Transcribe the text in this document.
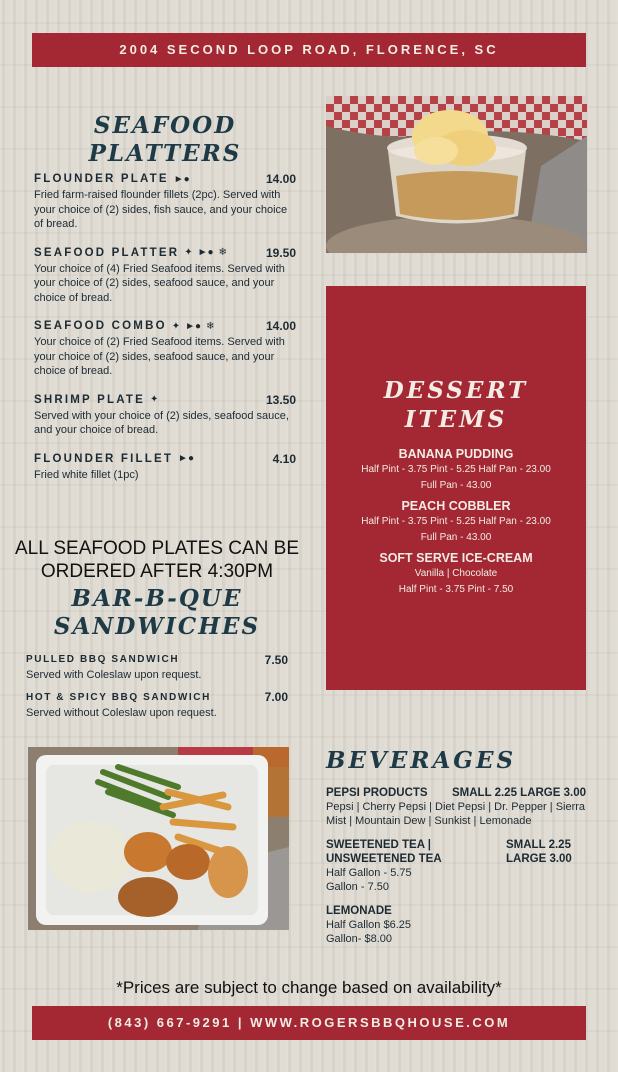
2004 SECOND LOOP ROAD, FLORENCE, SC
SEAFOOD
PLATTERS
FLOUNDER PLATE ►●	14.00
Fried farm-raised flounder fillets (2pc). Served with your choice of (2) sides, fish sauce, and your choice of bread.
SEAFOOD PLATTER ✦ ►● ❄	19.50
Your choice of (4) Fried Seafood items. Served with your choice of (2) sides, seafood sauce, and your choice of bread.
SEAFOOD COMBO ✦ ►● ❄	14.00
Your choice of (2) Fried Seafood items. Served with your choice of (2) sides, seafood sauce, and your choice of bread.
SHRIMP PLATE ✦	13.50
Served with your choice of (2) sides, seafood sauce, and your choice of bread.
FLOUNDER FILLET ►●	4.10
Fried white fillet (1pc)
ALL SEAFOOD PLATES CAN BE
ORDERED AFTER 4:30PM
BAR-B-QUE
SANDWICHES
PULLED BBQ SANDWICH	7.50
Served with Coleslaw upon request.
HOT & SPICY BBQ SANDWICH	7.00
Served without Coleslaw upon request.
DESSERT
ITEMS
BANANA PUDDING
Half Pint - 3.75 Pint - 5.25 Half Pan - 23.00
Full Pan - 43.00
PEACH COBBLER
Half Pint - 3.75 Pint - 5.25 Half Pan - 23.00
Full Pan - 43.00
SOFT SERVE ICE-CREAM
Vanilla | Chocolate
Half Pint - 3.75 Pint - 7.50
BEVERAGES
PEPSI PRODUCTS SMALL 2.25 LARGE 3.00
Pepsi | Cherry Pepsi | Diet Pepsi | Dr. Pepper | Sierra Mist | Mountain Dew | Sunkist | Lemonade
SWEETENED TEA |
UNSWEETENED TEA
SMALL 2.25
LARGE 3.00
Half Gallon - 5.75
Gallon - 7.50
LEMONADE
Half Gallon $6.25
Gallon- $8.00
*Prices are subject to change based on availability*
(843) 667-9291 | WWW.ROGERSBBQHOUSE.COM
